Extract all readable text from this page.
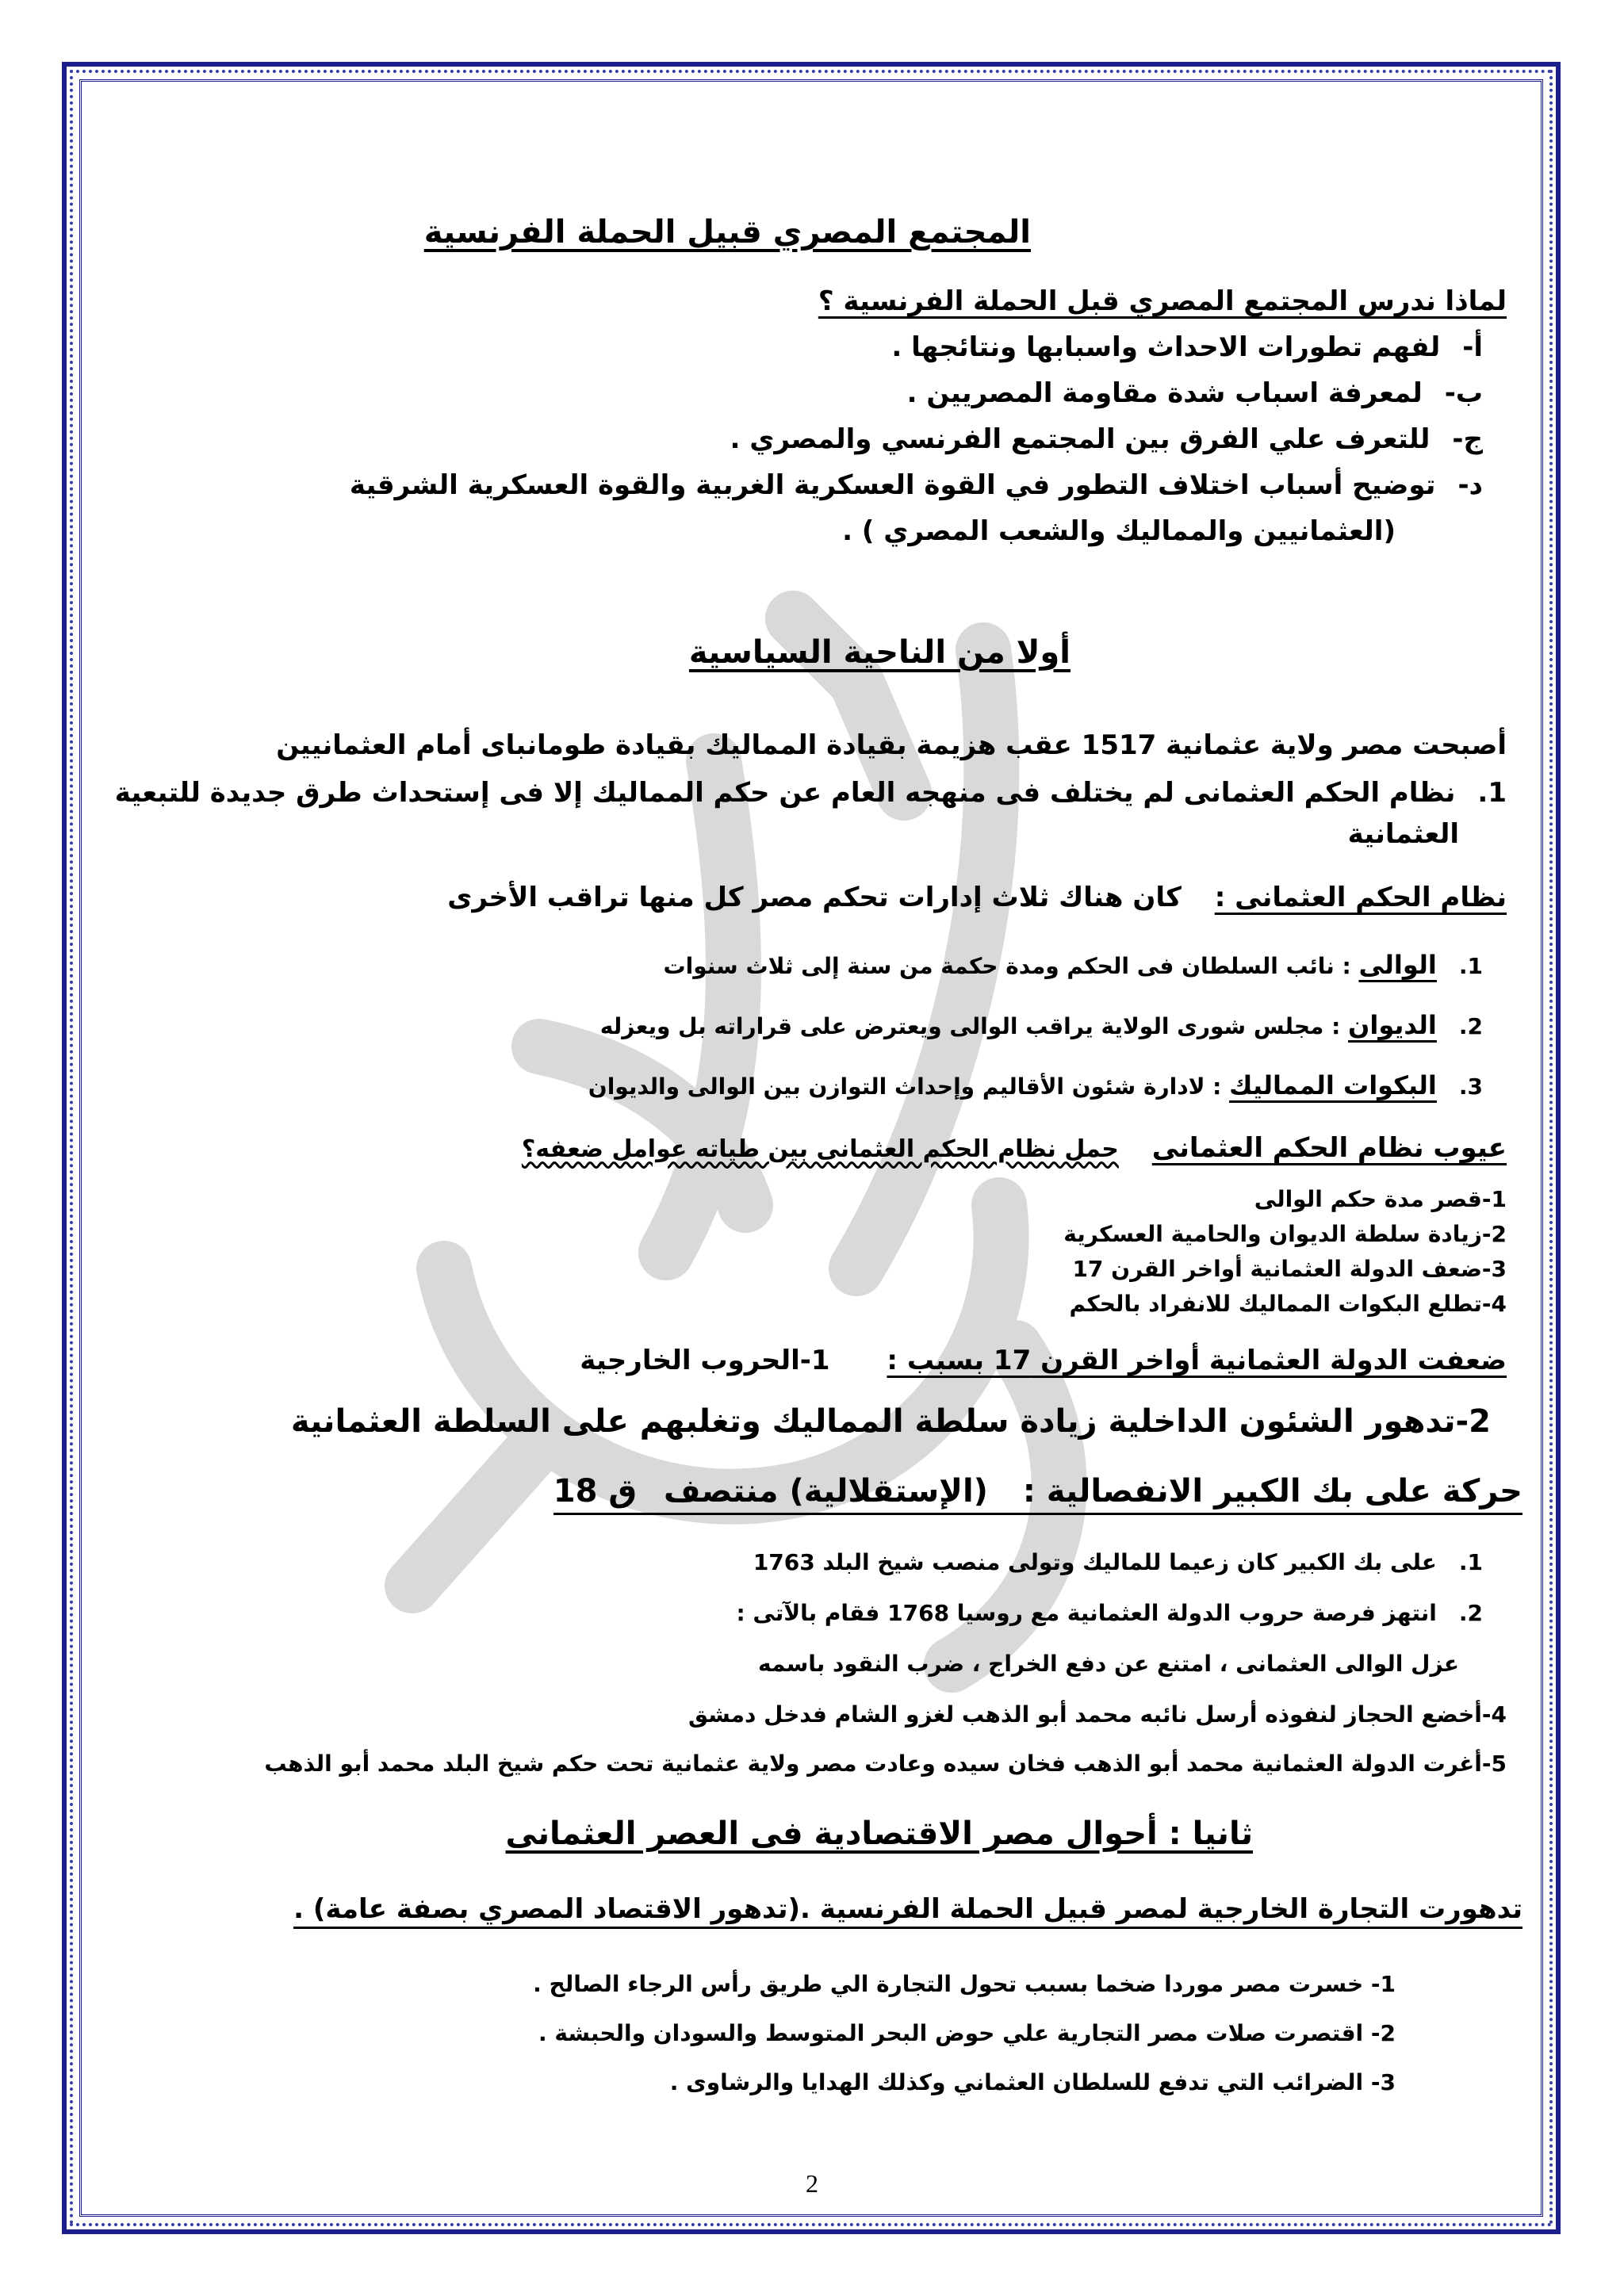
المجتمع المصري قبيل الحملة الفرنسية
لماذا ندرس المجتمع المصري قبل الحملة الفرنسية ؟
أ-لفهم تطورات الاحداث واسبابها ونتائجها .
ب-لمعرفة اسباب شدة مقاومة المصريين .
ج-للتعرف علي الفرق بين المجتمع الفرنسي والمصري .
د-توضيح أسباب اختلاف التطور في القوة العسكرية الغربية والقوة العسكرية الشرقية
(العثمانيين والمماليك والشعب المصري ) .
أولا من الناحية السياسية
أصبحت مصر ولاية عثمانية 1517 عقب هزيمة بقيادة المماليك بقيادة طومانباى أمام العثمانيين
1.نظام الحكم العثمانى لم يختلف فى منهجه العام عن حكم المماليك إلا فى إستحداث طرق جديدة للتبعية
العثمانية
نظام الحكم العثمانى : كان هناك ثلاث إدارات تحكم مصر كل منها تراقب الأخرى
1.الوالى : نائب السلطان فى الحكم ومدة حكمة من سنة إلى ثلاث سنوات
2.الديوان : مجلس شورى الولاية يراقب الوالى ويعترض على قراراته بل ويعزله
3.البكوات المماليك : لادارة شئون الأقاليم وإحداث التوازن بين الوالى والديوان
عيوب نظام الحكم العثمانى حمل نظام الحكم العثمانى بين طياته عوامل ضعفه؟
1-قصر مدة حكم الوالى
2-زيادة سلطة الديوان والحامية العسكرية
3-ضعف الدولة العثمانية أواخر القرن 17
4-تطلع البكوات المماليك للانفراد بالحكم
ضعفت الدولة العثمانية أواخر القرن 17 بسبب : 1-الحروب الخارجية
2-تدهور الشئون الداخلية زيادة سلطة المماليك وتغلبهم على السلطة العثمانية
حركة على بك الكبير الانفصالية : (الإستقلالية) منتصف ق 18
1.على بك الكبير كان زعيما للماليك وتولى منصب شيخ البلد 1763
2.انتهز فرصة حروب الدولة العثمانية مع روسيا 1768 فقام بالآتى :
عزل الوالى العثمانى ، امتنع عن دفع الخراج ، ضرب النقود باسمه
4-أخضع الحجاز لنفوذه أرسل نائبه محمد أبو الذهب لغزو الشام فدخل دمشق
5-أغرت الدولة العثمانية محمد أبو الذهب فخان سيده وعادت مصر ولاية عثمانية تحت حكم شيخ البلد محمد أبو الذهب
ثانيا : أحوال مصر الاقتصادية فى العصر العثمانى
تدهورت التجارة الخارجية لمصر قبيل الحملة الفرنسية .(تدهور الاقتصاد المصري بصفة عامة) .
1- خسرت مصر موردا ضخما بسبب تحول التجارة الي طريق رأس الرجاء الصالح .
2- اقتصرت صلات مصر التجارية علي حوض البحر المتوسط والسودان والحبشة .
3- الضرائب التي تدفع للسلطان العثماني وكذلك الهدايا والرشاوى .
2
